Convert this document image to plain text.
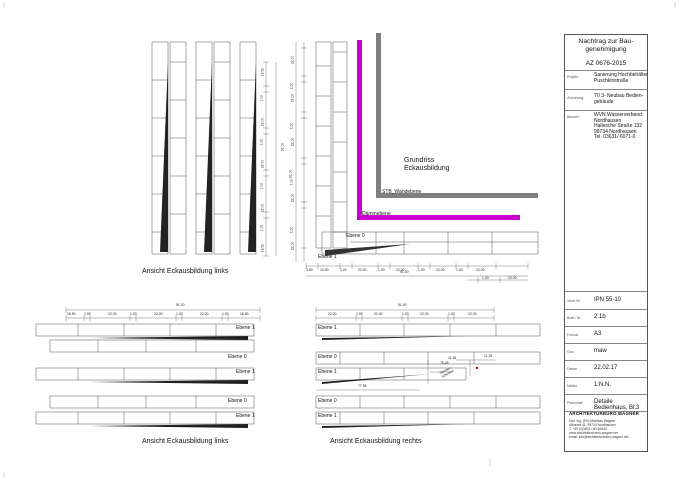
Ansicht Eckausbildung links
Ansicht Eckausbildung links	Ansicht Eckausbildung rechts
Grundriss
Eckausbildung
STB_Wandebene
Dämmebene
Ebene 0
Ebene 1
Ebene 1
Ebene 0
Ebene 1
Ebene 0
Ebene 1
Ebene 1
Ebene 0
Ebene 1
Ebene 0
Ebene 1
Wasser-
schenkel
91.00	91.00
91.00
11.26	11.26
78.45
77.55
91.00
91.00
16.50	1.00	22.00	1.00	22.00	1.00	22.00	1.00	16.50	22.00	1.00	22.00	1.00	22.00	1.00	22.00
3.50 10.00	1.00	22.00	1.00	22.00	1.00	22.00	1.00	22.00
1.00	22.00
16.50
1.00
22.00
1.00
22.00
1.00
22.00
1.00
16.50
22.00
1.00
22.00
1.00
22.00
1.00
22.00
1.00
22.00
Nachtrag zur Bau-
genehmigung
AZ 0676-2015
Projekt	Sanierung Hochbehälter
Puschkinstraße
Zeichnung T0 3- Neubau Bedien-
gebäude
Bauherr	WVN Wasserverband
Nordhausen
Hallesche Straße 132
99734 Nordhausen
Tel. 03631/ 6071-0
Verm.Nr. IPN 55-10
Blatt / Nr. 2.1b
Format	A3
Gez.	maw
Datum	22.02.17
Maßst.	1:N.N.
Planinhalt Detaile Bedienhaus, Bl.3
ARCHITEKTURBÜRO WAGNER
Dipl. Ing. (FH) Matthias Wagner
Albrecht 41, 99734 Nordhausen
T. +49 (0)3631 / 83 69440
www.architekturbuero-wagner.net
email: info@architekturbuero-wagner.net
